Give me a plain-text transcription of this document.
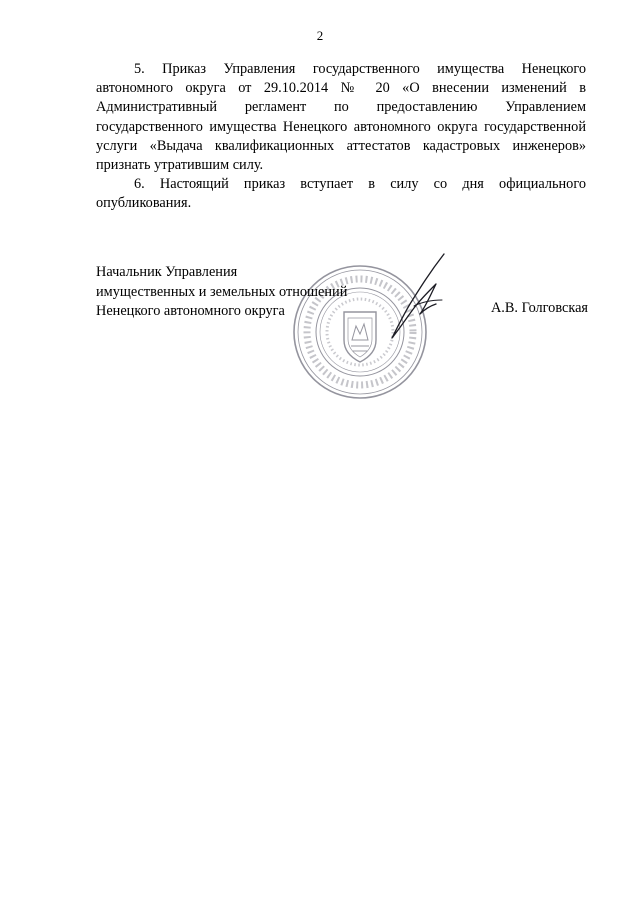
2

5. Приказ Управления государственного имущества Ненецкого автономного округа от 29.10.2014 № 20 «О внесении изменений в Административный регламент по предоставлению Управлением государственного имущества Ненецкого автономного округа государственной услуги «Выдача квалификационных аттестатов кадастровых инженеров» признать утратившим силу.

6. Настоящий приказ вступает в силу со дня официального опубликования.

Начальник Управления
имущественных и земельных отношений
Ненецкого автономного округа	А.В. Голговская
